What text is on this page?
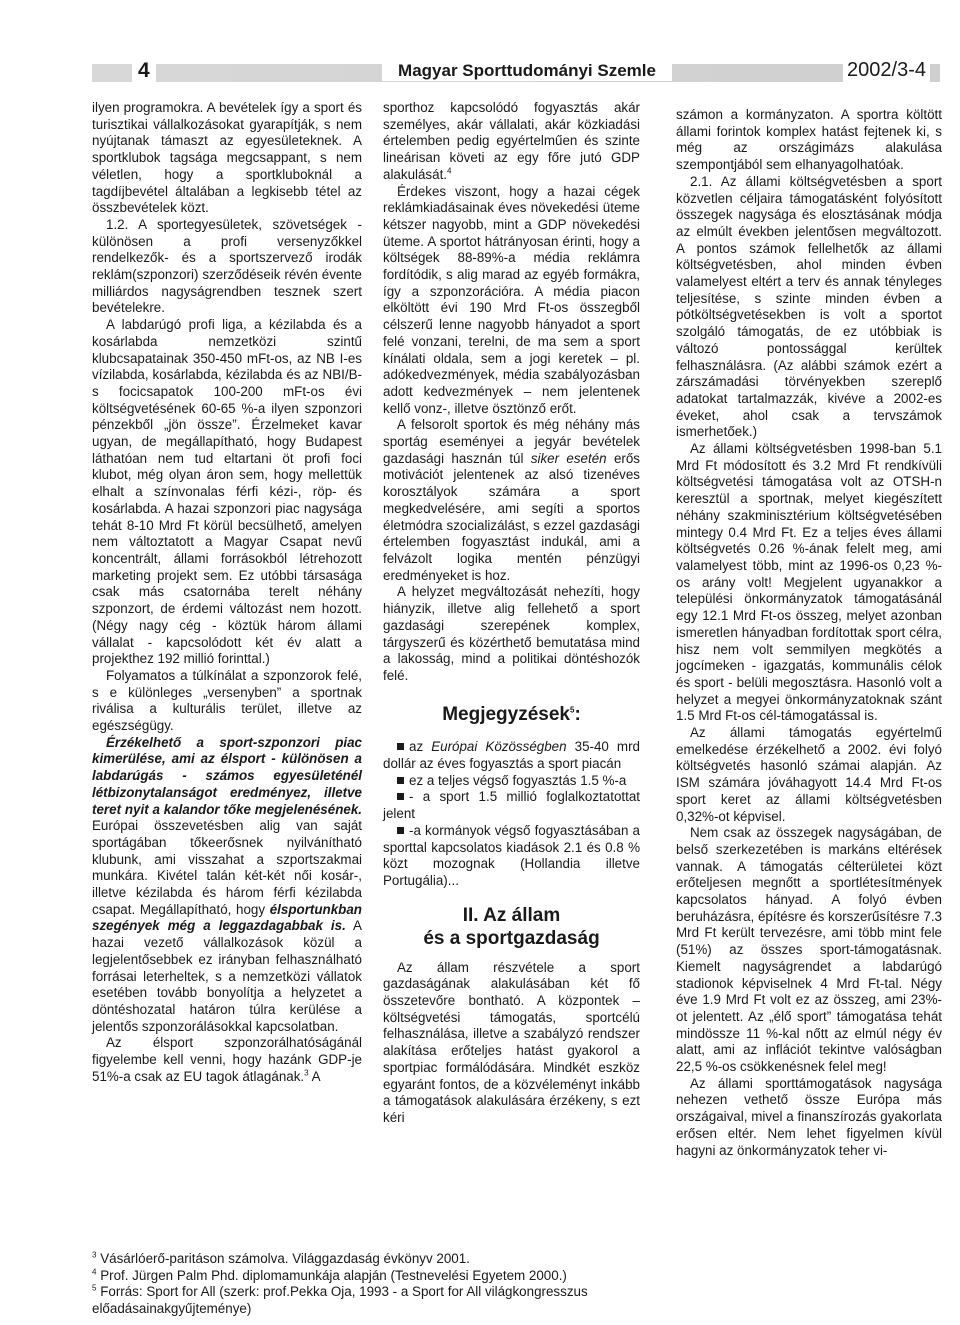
4	Magyar Sporttudományi Szemle	2002/3-4

ilyen programokra. A bevételek így a sport és turisztikai vállalkozásokat gyarapítják, s nem nyújtanak támaszt az egyesületeknek. A sportklubok tagsága megcsappant, s nem véletlen, hogy a sportkluboknál a tagdíjbevétel általában a legkisebb tétel az összbevételek közt.

1.2. A sportegyesületek, szövetségek - különösen a profi versenyzőkkel rendelkezők- és a sportszervező irodák reklám(szponzori) szerződéseik révén évente milliárdos nagyságrendben tesznek szert bevételekre.

A labdarúgó profi liga, a kézilabda és a kosárlabda nemzetközi szintű klubcsapatainak 350-450 mFt-os, az NB I-es vízilabda, kosárlabda, kézilabda és az NBI/B-s focicsapatok 100-200 mFt-os évi költségvetésének 60-65 %-a ilyen szponzori pénzekből „jön össze”. Érzelmeket kavar ugyan, de megállapítható, hogy Budapest láthatóan nem tud eltartani öt profi foci klubot, még olyan áron sem, hogy mellettük elhalt a színvonalas férfi kézi-, röp- és kosárlabda. A hazai szponzori piac nagysága tehát 8-10 Mrd Ft körül becsülhető, amelyen nem változtatott a Magyar Csapat nevű koncentrált, állami forrásokból létrehozott marketing projekt sem. Ez utóbbi társasága csak más csatornába terelt néhány szponzort, de érdemi változást nem hozott. (Négy nagy cég - köztük három állami vállalat - kapcsolódott két év alatt a projekthez 192 millió forinttal.)

Folyamatos a túlkínálat a szponzorok felé, s e különleges „versenyben” a sportnak riválisa a kulturális terület, illetve az egészségügy.

Érzékelhető a sport-szponzori piac kimerülése, ami az élsport - különösen a labdarúgás - számos egyesületénél létbizonytalanságot eredményez, illetve teret nyit a kalandor tőke megjelenésének. Európai összevetésben alig van saját sportágában tőkeerősnek nyilvánítható klubunk, ami visszahat a szportszakmai munkára. Kivétel talán két-két női kosár-, illetve kézilabda és három férfi kézilabda csapat. Megállapítható, hogy élsportunkban szegények még a leggazdagabbak is. A hazai vezető vállalkozások közül a legjelentősebbek ez irányban felhasználható forrásai leterheltek, s a nemzetközi vállatok esetében tovább bonyolítja a helyzetet a döntéshozatal határon túlra kerülése a jelentős szponzorálásokkal kapcsolatban.

Az élsport szponzorálhatóságánál figyelembe kell venni, hogy hazánk GDP-je 51%-a csak az EU tagok átlagának.$^3$ A

sporthoz kapcsolódó fogyasztás akár személyes, akár vállalati, akár közkiadási értelemben pedig egyértelműen és szinte lineárisan követi az egy főre jutó GDP alakulását.$^4$

Érdekes viszont, hogy a hazai cégek reklámkiadásainak éves növekedési üteme kétszer nagyobb, mint a GDP növekedési üteme. A sportot hátrányosan érinti, hogy a költségek 88-89%-a média reklámra fordítódik, s alig marad az egyéb formákra, így a szponzorációra. A média piacon elköltött évi 190 Mrd Ft-os összegből célszerű lenne nagyobb hányadot a sport felé vonzani, terelni, de ma sem a sport kínálati oldala, sem a jogi keretek – pl. adókedvezmények, média szabályozásban adott kedvezmények – nem jelentenek kellő vonz-, illetve ösztönző erőt.

A felsorolt sportok és még néhány más sportág eseményei a jegyár bevételek gazdasági hasznán túl siker esetén erős motivációt jelentenek az alsó tizenéves korosztályok számára a sport megkedvelésére, ami segíti a sportos életmódra szocializálást, s ezzel gazdasági értelemben fogyasztást indukál, ami a felvázolt logika mentén pénzügyi eredményeket is hoz.

A helyzet megváltozását nehezíti, hogy hiányzik, illetve alig fellehető a sport gazdasági szerepének komplex, tárgyszerű és közérthető bemutatása mind a lakosság, mind a politikai döntéshozók felé.

Megjegyzések$^5$:

az Európai Közösségben 35-40 mrd dollár az éves fogyasztás a sport piacán

ez a teljes végső fogyasztás 1.5 %-a

- a sport 1.5 millió foglalkoztatottat jelent

-a kormányok végső fogyasztásában a sporttal kapcsolatos kiadások 2.1 és 0.8 % közt mozognak (Hollandia illetve Portugália)...

II. Az állam
és a sportgazdaság

Az állam részvétele a sport gazdaságának alakulásában két fő összetevőre bontható. A központek – költségvetési támogatás, sportcélú felhasználása, illetve a szabályzó rendszer alakítása erőteljes hatást gyakorol a sportpiac formálódására. Mindkét eszköz egyaránt fontos, de a közvéleményt inkább a támogatások alakulására érzékeny, s ezt kéri

számon a kormányzaton. A sportra költött állami forintok komplex hatást fejtenek ki, s még az országimázs alakulása szempontjából sem elhanyagolhatóak.

2.1. Az állami költségvetésben a sport közvetlen céljaira támogatásként folyósított összegek nagysága és elosztásának módja az elmúlt években jelentősen megváltozott. A pontos számok fellelhetők az állami költségvetésben, ahol minden évben valamelyest eltért a terv és annak tényleges teljesítése, s szinte minden évben a pótköltségvetésekben is volt a sportot szolgáló támogatás, de ez utóbbiak is változó pontossággal kerültek felhasználásra. (Az alábbi számok ezért a zárszámadási törvényekben szereplő adatokat tartalmazzák, kivéve a 2002-es éveket, ahol csak a tervszámok ismerhetőek.)

Az állami költségvetésben 1998-ban 5.1 Mrd Ft módosított és 3.2 Mrd Ft rendkívüli költségvetési támogatása volt az OTSH-n keresztül a sportnak, melyet kiegészített néhány szakminisztérium költségvetésében mintegy 0.4 Mrd Ft. Ez a teljes éves állami költségvetés 0.26 %-ának felelt meg, ami valamelyest több, mint az 1996-os 0,23 %-os arány volt! Megjelent ugyanakkor a települési önkormányzatok támogatásánál egy 12.1 Mrd Ft-os összeg, melyet azonban ismeretlen hányadban fordítottak sport célra, hisz nem volt semmilyen megkötés a jogcímeken - igazgatás, kommunális célok és sport - belüli megosztásra. Hasonló volt a helyzet a megyei önkormányzatoknak szánt 1.5 Mrd Ft-os cél-támogatással is.

Az állami támogatás egyértelmű emelkedése érzékelhető a 2002. évi folyó költségvetés hasonló számai alapján. Az ISM számára jóváhagyott 14.4 Mrd Ft-os sport keret az állami költségvetésben 0,32%-ot képvisel.

Nem csak az összegek nagyságában, de belső szerkezetében is markáns eltérések vannak. A támogatás célterületei közt erőteljesen megnőtt a sportlétesítmények kapcsolatos hányad. A folyó évben beruházásra, építésre és korszerűsítésre 7.3 Mrd Ft került tervezésre, ami több mint fele (51%) az összes sport-támogatásnak. Kiemelt nagyságrendet a labdarúgó stadionok képviselnek 4 Mrd Ft-tal. Négy éve 1.9 Mrd Ft volt ez az összeg, ami 23%-ot jelentett. Az „élő sport” támogatása tehát mindössze 11 %-kal nőtt az elmúl négy év alatt, ami az inflációt tekintve valóságban 22,5 %-os csökkenésnek felel meg!

Az állami sporttámogatások nagysága nehezen vethető össze Európa más országaival, mivel a finanszírozás gyakorlata erősen eltér. Nem lehet figyelmen kívül hagyni az önkormányzatok teher vi-

$^3$ Vásárlóerő-paritáson számolva. Világgazdaság évkönyv 2001.
$^4$ Prof. Jürgen Palm Phd. diplomamunkája alapján (Testnevelési Egyetem 2000.)
$^5$ Forrás: Sport for All (szerk: prof.Pekka Oja, 1993 - a Sport for All világkongresszus előadásainakgyűjteménye)
